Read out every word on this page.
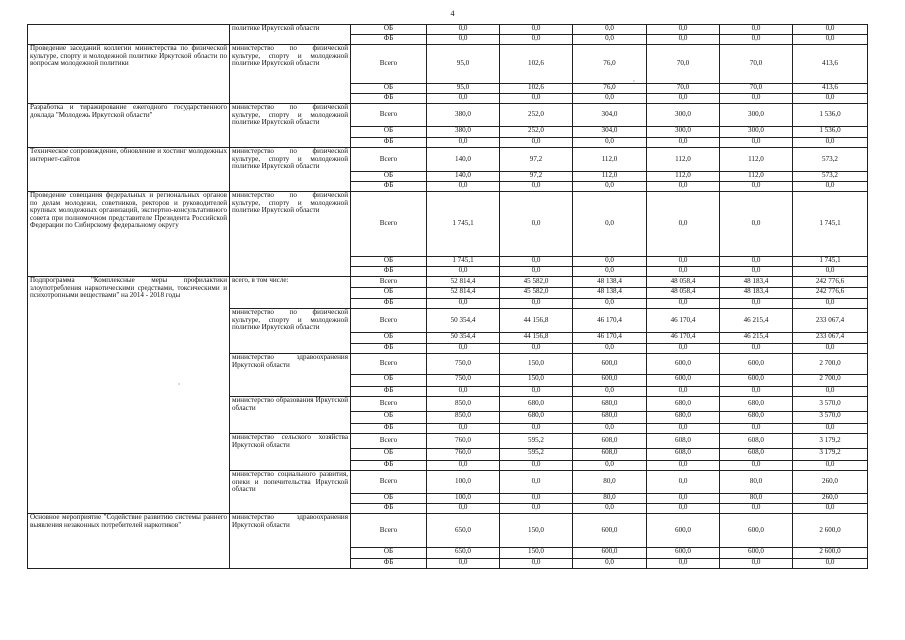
4
	политике Иркутской области	ОБ	0,0	0,0	0,0	0,0	0,0	0,0
		ФБ	0,0	0,0	0,0	0,0	0,0	0,0
Проведение заседаний коллегии министерства по физической культуре, спорту и молодежной политике Иркутской области по вопросам молодежной политики	министерство по физической культуре, спорту и молодежной политике Иркутской области	Всего	95,0	102,6	76,0	70,0	70,0	413,6
		ОБ	95,0	102,6	76,0	70,0	70,0	413,6
		ФБ	0,0	0,0	0,0	0,0	0,0	0,0
Разработка и тиражирование ежегодного государственного доклада "Молодежь Иркутской области"	министерство по физической культуре, спорту и молодежной политике Иркутской области	Всего	380,0	252,0	304,0	300,0	300,0	1 536,0
		ОБ	380,0	252,0	304,0	300,0	300,0	1 536,0
		ФБ	0,0	0,0	0,0	0,0	0,0	0,0
Техническое сопровождение, обновление и хостинг молодежных интернет-сайтов	министерство по физической культуре, спорту и молодежной политике Иркутской области	Всего	140,0	97,2	112,0	112,0	112,0	573,2
		ОБ	140,0	97,2	112,0	112,0	112,0	573,2
		ФБ	0,0	0,0	0,0	0,0	0,0	0,0
Проведение совещания федеральных и региональных органов по делам молодежи, советников, ректоров и руководителей крупных молодежных организаций, экспертно-консультативного совета при полномочном представителе Президента Российской Федерации по Сибирскому федеральному округу	министерство по физической культуре, спорту и молодежной политике Иркутской области	Всего	1 745,1	0,0	0,0	0,0	0,0	1 745,1
		ОБ	1 745,1	0,0	0,0	0,0	0,0	1 745,1
		ФБ	0,0	0,0	0,0	0,0	0,0	0,0
Подпрограмма "Комплексные меры профилактики злоупотребления наркотическими средствами, токсическими и психотропными веществами" на 2014 - 2018 годы	всего, в том числе:	Всего	52 814,4	45 582,0	48 138,4	48 058,4	48 183,4	242 776,6
		ОБ	52 814,4	45 582,0	48 138,4	48 058,4	48 183,4	242 776,6
		ФБ	0,0	0,0	0,0	0,0	0,0	0,0
	министерство по физической культуре, спорту и молодежной политике Иркутской области	Всего	50 354,4	44 156,8	46 170,4	46 170,4	46 215,4	233 067,4
		ОБ	50 354,4	44 156,8	46 170,4	46 170,4	46 215,4	233 067,4
		ФБ	0,0	0,0	0,0	0,0	0,0	0,0
	министерство здравоохранения Иркутской области	Всего	750,0	150,0	600,0	600,0	600,0	2 700,0
		ОБ	750,0	150,0	600,0	600,0	600,0	2 700,0
		ФБ	0,0	0,0	0,0	0,0	0,0	0,0
	министерство образования Иркутской области	Всего	850,0	680,0	680,0	680,0	680,0	3 570,0
		ОБ	850,0	680,0	680,0	680,0	680,0	3 570,0
		ФБ	0,0	0,0	0,0	0,0	0,0	0,0
	министерство сельского хозяйства Иркутской области	Всего	760,0	595,2	608,0	608,0	608,0	3 179,2
		ОБ	760,0	595,2	608,0	608,0	608,0	3 179,2
		ФБ	0,0	0,0	0,0	0,0	0,0	0,0
	министерство социального развития, опеки и попечительства Иркутской области	Всего	100,0	0,0	80,0	0,0	80,0	260,0
		ОБ	100,0	0,0	80,0	0,0	80,0	260,0
		ФБ	0,0	0,0	0,0	0,0	0,0	0,0
Основное мероприятие "Содействие развитию системы раннего выявления незаконных потребителей наркотиков"	министерство здравоохранения Иркутской области	Всего	650,0	150,0	600,0	600,0	600,0	2 600,0
		ОБ	650,0	150,0	600,0	600,0	600,0	2 600,0
		ФБ	0,0	0,0	0,0	0,0	0,0	0,0
